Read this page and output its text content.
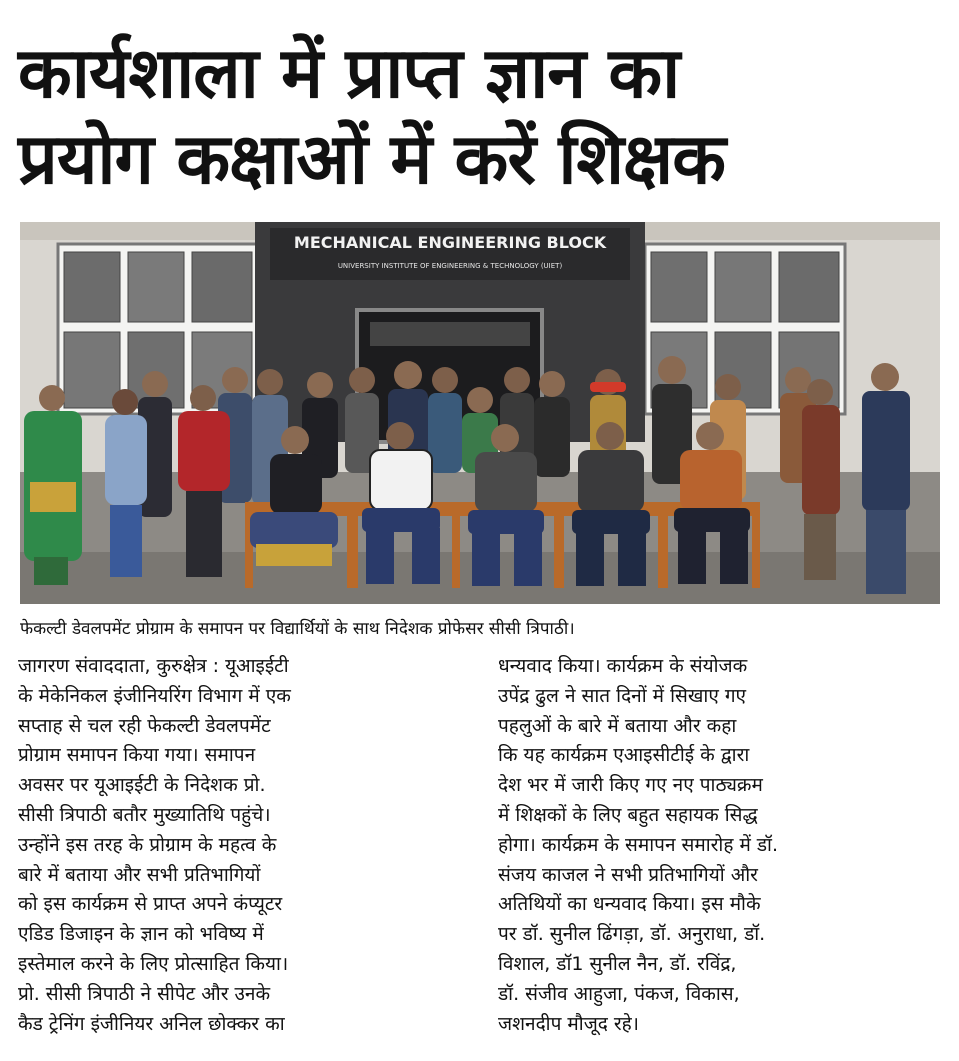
कार्यशाला में प्राप्त ज्ञान का
प्रयोग कक्षाओं में करें शिक्षक
MECHANICAL ENGINEERING BLOCK
UNIVERSITY INSTITUTE OF ENGINEERING & TECHNOLOGY (UIET)
फेकल्टी डेवलपमेंट प्रोग्राम के समापन पर विद्यार्थियों के साथ निदेशक प्रोफेसर सीसी त्रिपाठी।
जागरण संवाददाता, कुरुक्षेत्र : यूआइईटी
के मेकेनिकल इंजीनियरिंग विभाग में एक
सप्ताह से चल रही फेकल्टी डेवलपमेंट
प्रोग्राम समापन किया गया। समापन
अवसर पर यूआइईटी के निदेशक प्रो.
सीसी त्रिपाठी बतौर मुख्यातिथि पहुंचे।
उन्होंने इस तरह के प्रोग्राम के महत्व के
बारे में बताया और सभी प्रतिभागियों
को इस कार्यक्रम से प्राप्त अपने कंप्यूटर
एडिड डिजाइन के ज्ञान को भविष्य में
इस्तेमाल करने के लिए प्रोत्साहित किया।
प्रो. सीसी त्रिपाठी ने सीपेट और उनके
कैड ट्रेनिंग इंजीनियर अनिल छोक्कर का
धन्यवाद किया। कार्यक्रम के संयोजक
उपेंद्र ढुल ने सात दिनों में सिखाए गए
पहलुओं के बारे में बताया और कहा
कि यह कार्यक्रम एआइसीटीई के द्वारा
देश भर में जारी किए गए नए पाठ्यक्रम
में शिक्षकों के लिए बहुत सहायक सिद्ध
होगा। कार्यक्रम के समापन समारोह में डॉ.
संजय काजल ने सभी प्रतिभागियों और
अतिथियों का धन्यवाद किया। इस मौके
पर डॉ. सुनील ढिंगड़ा, डॉ. अनुराधा, डॉ.
विशाल, डॉ1 सुनील नैन, डॉ. रविंद्र,
डॉ. संजीव आहुजा, पंकज, विकास,
जशनदीप मौजूद रहे।
